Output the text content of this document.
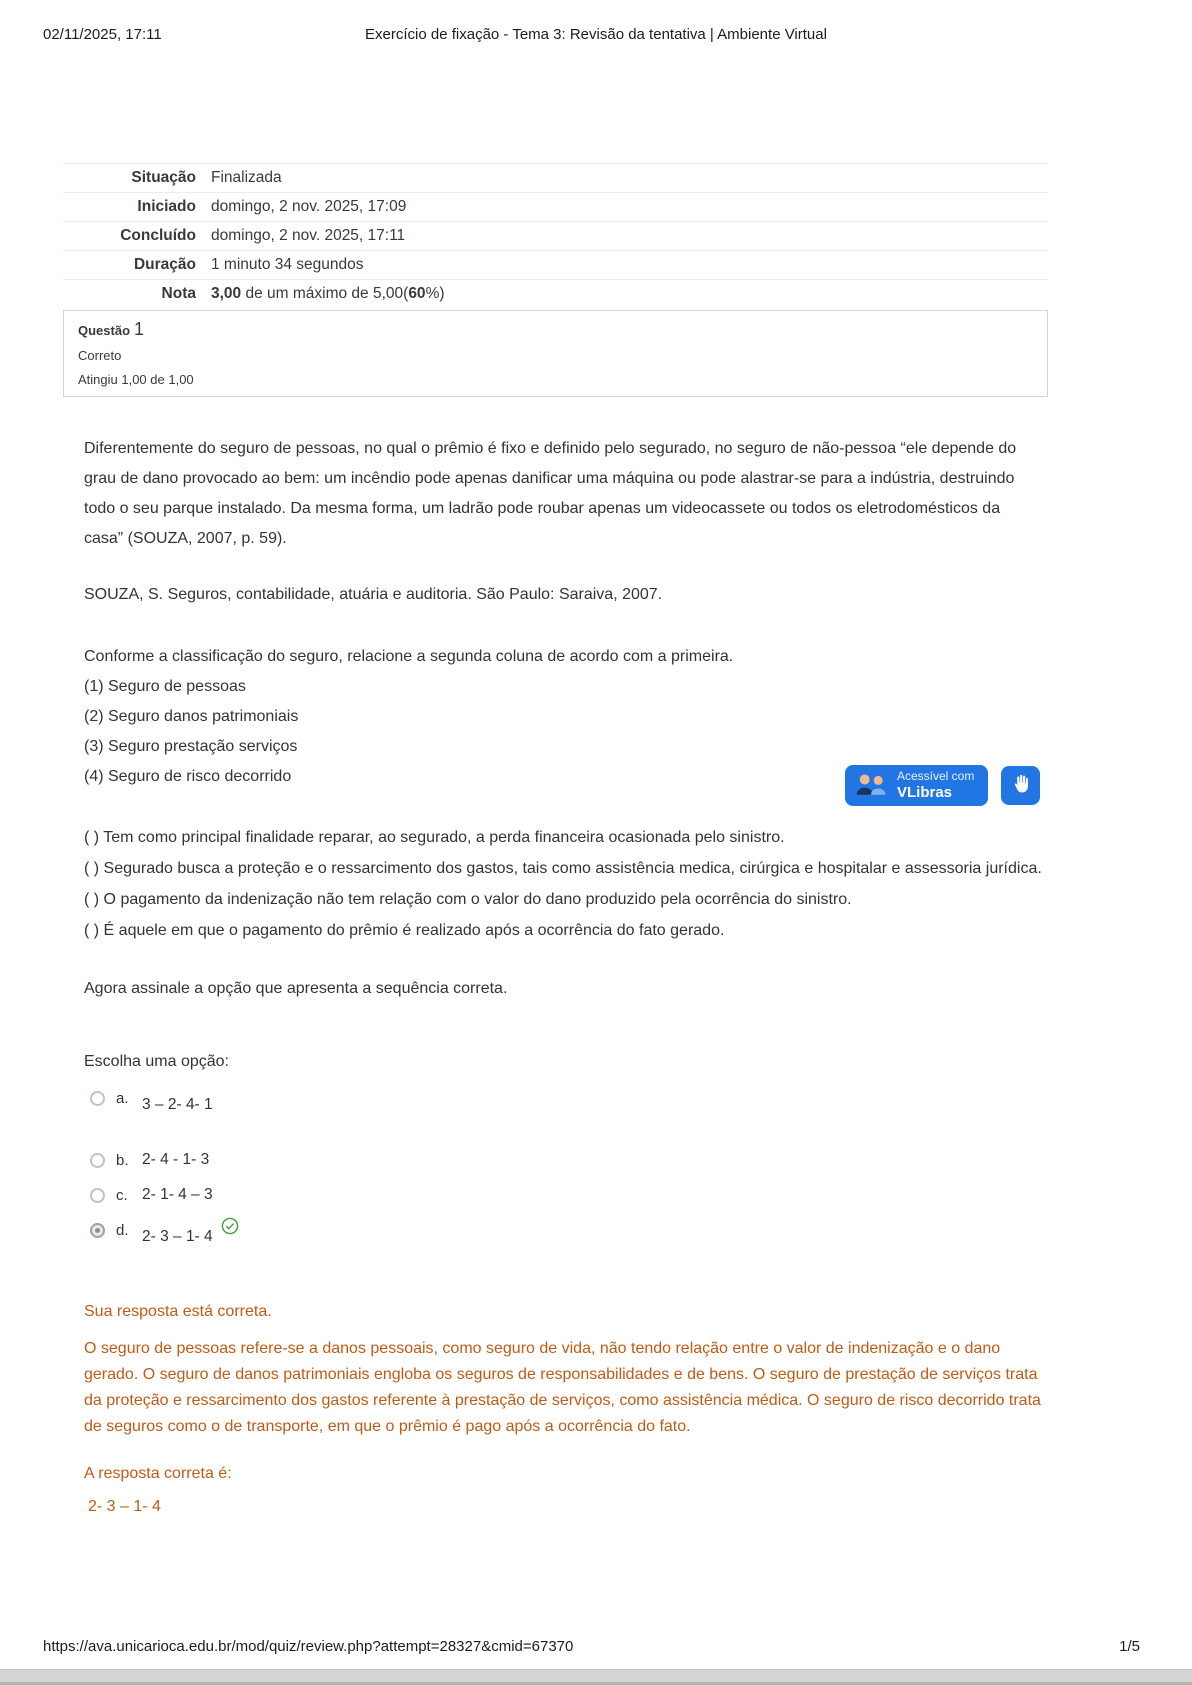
02/11/2025, 17:11	Exercício de fixação - Tema 3: Revisão da tentativa | Ambiente Virtual
Situação Finalizada
Iniciado domingo, 2 nov. 2025, 17:09
Concluído domingo, 2 nov. 2025, 17:11
Duração 1 minuto 34 segundos
Nota 3,00 de um máximo de 5,00(60%)
Questão 1
Correto
Atingiu 1,00 de 1,00

Diferentemente do seguro de pessoas, no qual o prêmio é fixo e definido pelo segurado, no seguro de não-pessoa “ele depende do grau de dano provocado ao bem: um incêndio pode apenas danificar uma máquina ou pode alastrar-se para a indústria, destruindo todo o seu parque instalado. Da mesma forma, um ladrão pode roubar apenas um videocassete ou todos os eletrodomésticos da casa” (SOUZA, 2007, p. 59).

SOUZA, S. Seguros, contabilidade, atuária e auditoria. São Paulo: Saraiva, 2007.

Conforme a classificação do seguro, relacione a segunda coluna de acordo com a primeira.

(1) Seguro de pessoas
(2) Seguro danos patrimoniais
(3) Seguro prestação serviços
(4) Seguro de risco decorrido
( ) Tem como principal finalidade reparar, ao segurado, a perda financeira ocasionada pelo sinistro.
( ) Segurado busca a proteção e o ressarcimento dos gastos, tais como assistência medica, cirúrgica e hospitalar e assessoria jurídica.
( ) O pagamento da indenização não tem relação com o valor do dano produzido pela ocorrência do sinistro.
( ) É aquele em que o pagamento do prêmio é realizado após a ocorrência do fato gerado.

Agora assinale a opção que apresenta a sequência correta.

Escolha uma opção:

a. 3 – 2- 4- 1
b. 2- 4 - 1- 3
c. 2- 1- 4 – 3
d. 2- 3 – 1- 4
Sua resposta está correta.
O seguro de pessoas refere-se a danos pessoais, como seguro de vida, não tendo relação entre o valor de indenização e o dano gerado. O seguro de danos patrimoniais engloba os seguros de responsabilidades e de bens. O seguro de prestação de serviços trata da proteção e ressarcimento dos gastos referente à prestação de serviços, como assistência médica. O seguro de risco decorrido trata de seguros como o de transporte, em que o prêmio é pago após a ocorrência do fato.
A resposta correta é:
2- 3 – 1- 4
Acessível com
VLibras
https://ava.unicarioca.edu.br/mod/quiz/review.php?attempt=28327&cmid=67370	1/5
